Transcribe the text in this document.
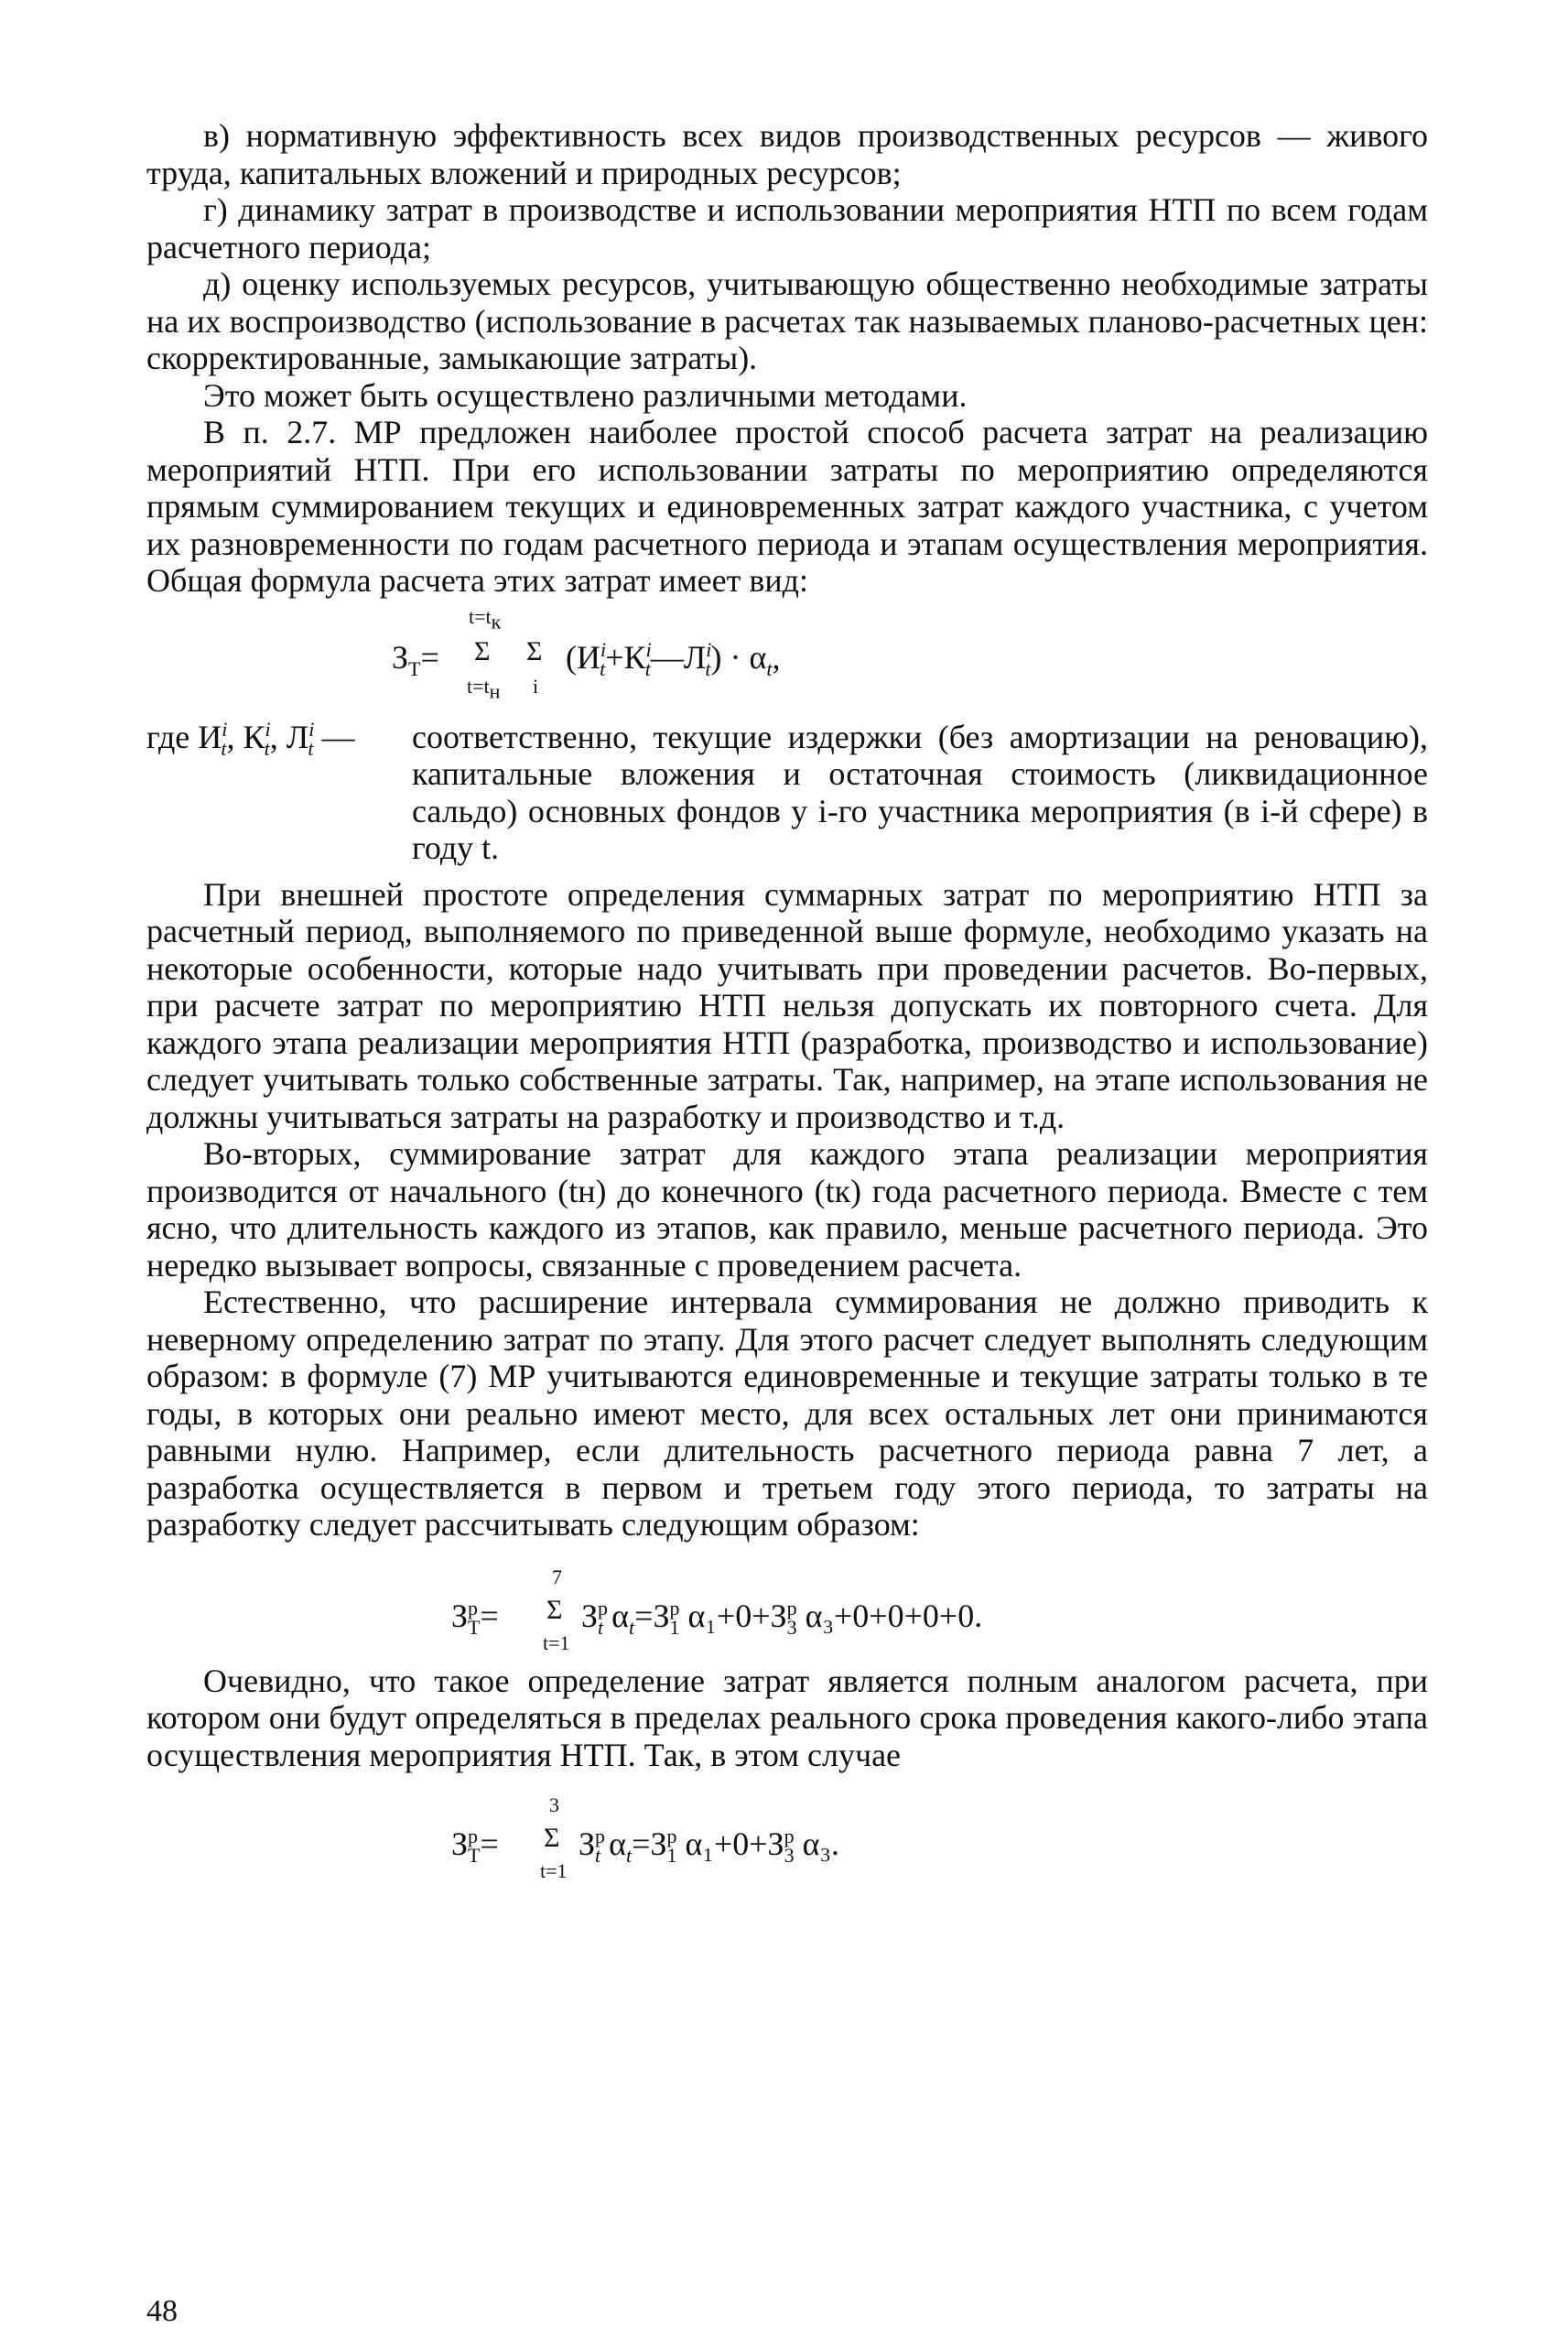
в) нормативную эффективность всех видов производственных ресурсов — живого труда, капитальных вложений и природных ресурсов;

г) динамику затрат в производстве и использовании мероприятия НТП по всем годам расчетного периода;

д) оценку используемых ресурсов, учитывающую общественно необходимые затраты на их воспроизводство (использование в расчетах так называемых планово-расчетных цен: скорректированные, замыкающие затраты).

Это может быть осуществлено различными методами.

В п. 2.7. МР предложен наиболее простой способ расчета затрат на реализацию мероприятий НТП. При его использовании затраты по мероприятию определяются прямым суммированием текущих и единовременных затрат каждого участника, с учетом их разновременности по годам расчетного периода и этапам осуществления мероприятия. Общая формула расчета этих затрат имеет вид:

$t=t_к$
$З_Т= \Sigma$ Σ
$t=t_н$ i
$(И^i_t+К^i_t—Л^i_t) \cdot \alpha_t$,
где $И^i_t$, $К^i_t$, $Л^i_t$ — соответственно, текущие издержки (без амортизации на реновацию), капитальные вложения и остаточная стоимость (ликвидационное сальдо) основных фондов у i-го участника мероприятия (в i-й сфере) в году t.

При внешней простоте определения суммарных затрат по мероприятию НТП за расчетный период, выполняемого по приведенной выше формуле, необходимо указать на некоторые особенности, которые надо учитывать при проведении расчетов. Во-первых, при расчете затрат по мероприятию НТП нельзя допускать их повторного счета. Для каждого этапа реализации мероприятия НТП (разработка, производство и использование) следует учитывать только собственные затраты. Так, например, на этапе использования не должны учитываться затраты на разработку и производство и т.д.

Во-вторых, суммирование затрат для каждого этапа реализации мероприятия производится от начального (tн) до конечного (tк) года расчетного периода. Вместе с тем ясно, что длительность каждого из этапов, как правило, меньше расчетного периода. Это нередко вызывает вопросы, связанные с проведением расчета.

Естественно, что расширение интервала суммирования не должно приводить к неверному определению затрат по этапу. Для этого расчет следует выполнять следующим образом: в формуле (7) МР учитываются единовременные и текущие затраты только в те годы, в которых они реально имеют место, для всех остальных лет они принимаются равными нулю. Например, если длительность расчетного периода равна 7 лет, а разработка осуществляется в первом и третьем году этого периода, то затраты на разработку следует рассчитывать следующим образом:

7
$З^р_Т= \Sigma$
t=1
$З^р_t$ $\alpha_t=З^р_1$ $\alpha_1+0+З^р_3$ α₃+0+0+0+0.

Очевидно, что такое определение затрат является полным аналогом расчета, при котором они будут определяться в пределах реального срока проведения какого-либо этапа осуществления мероприятия НТП. Так, в этом случае

3
$З^р_Т= \Sigma$
t=1
$З^р_t$ $\alpha_t=З^р_1$ $\alpha_1+0+З^р_3$ α₃.
48
